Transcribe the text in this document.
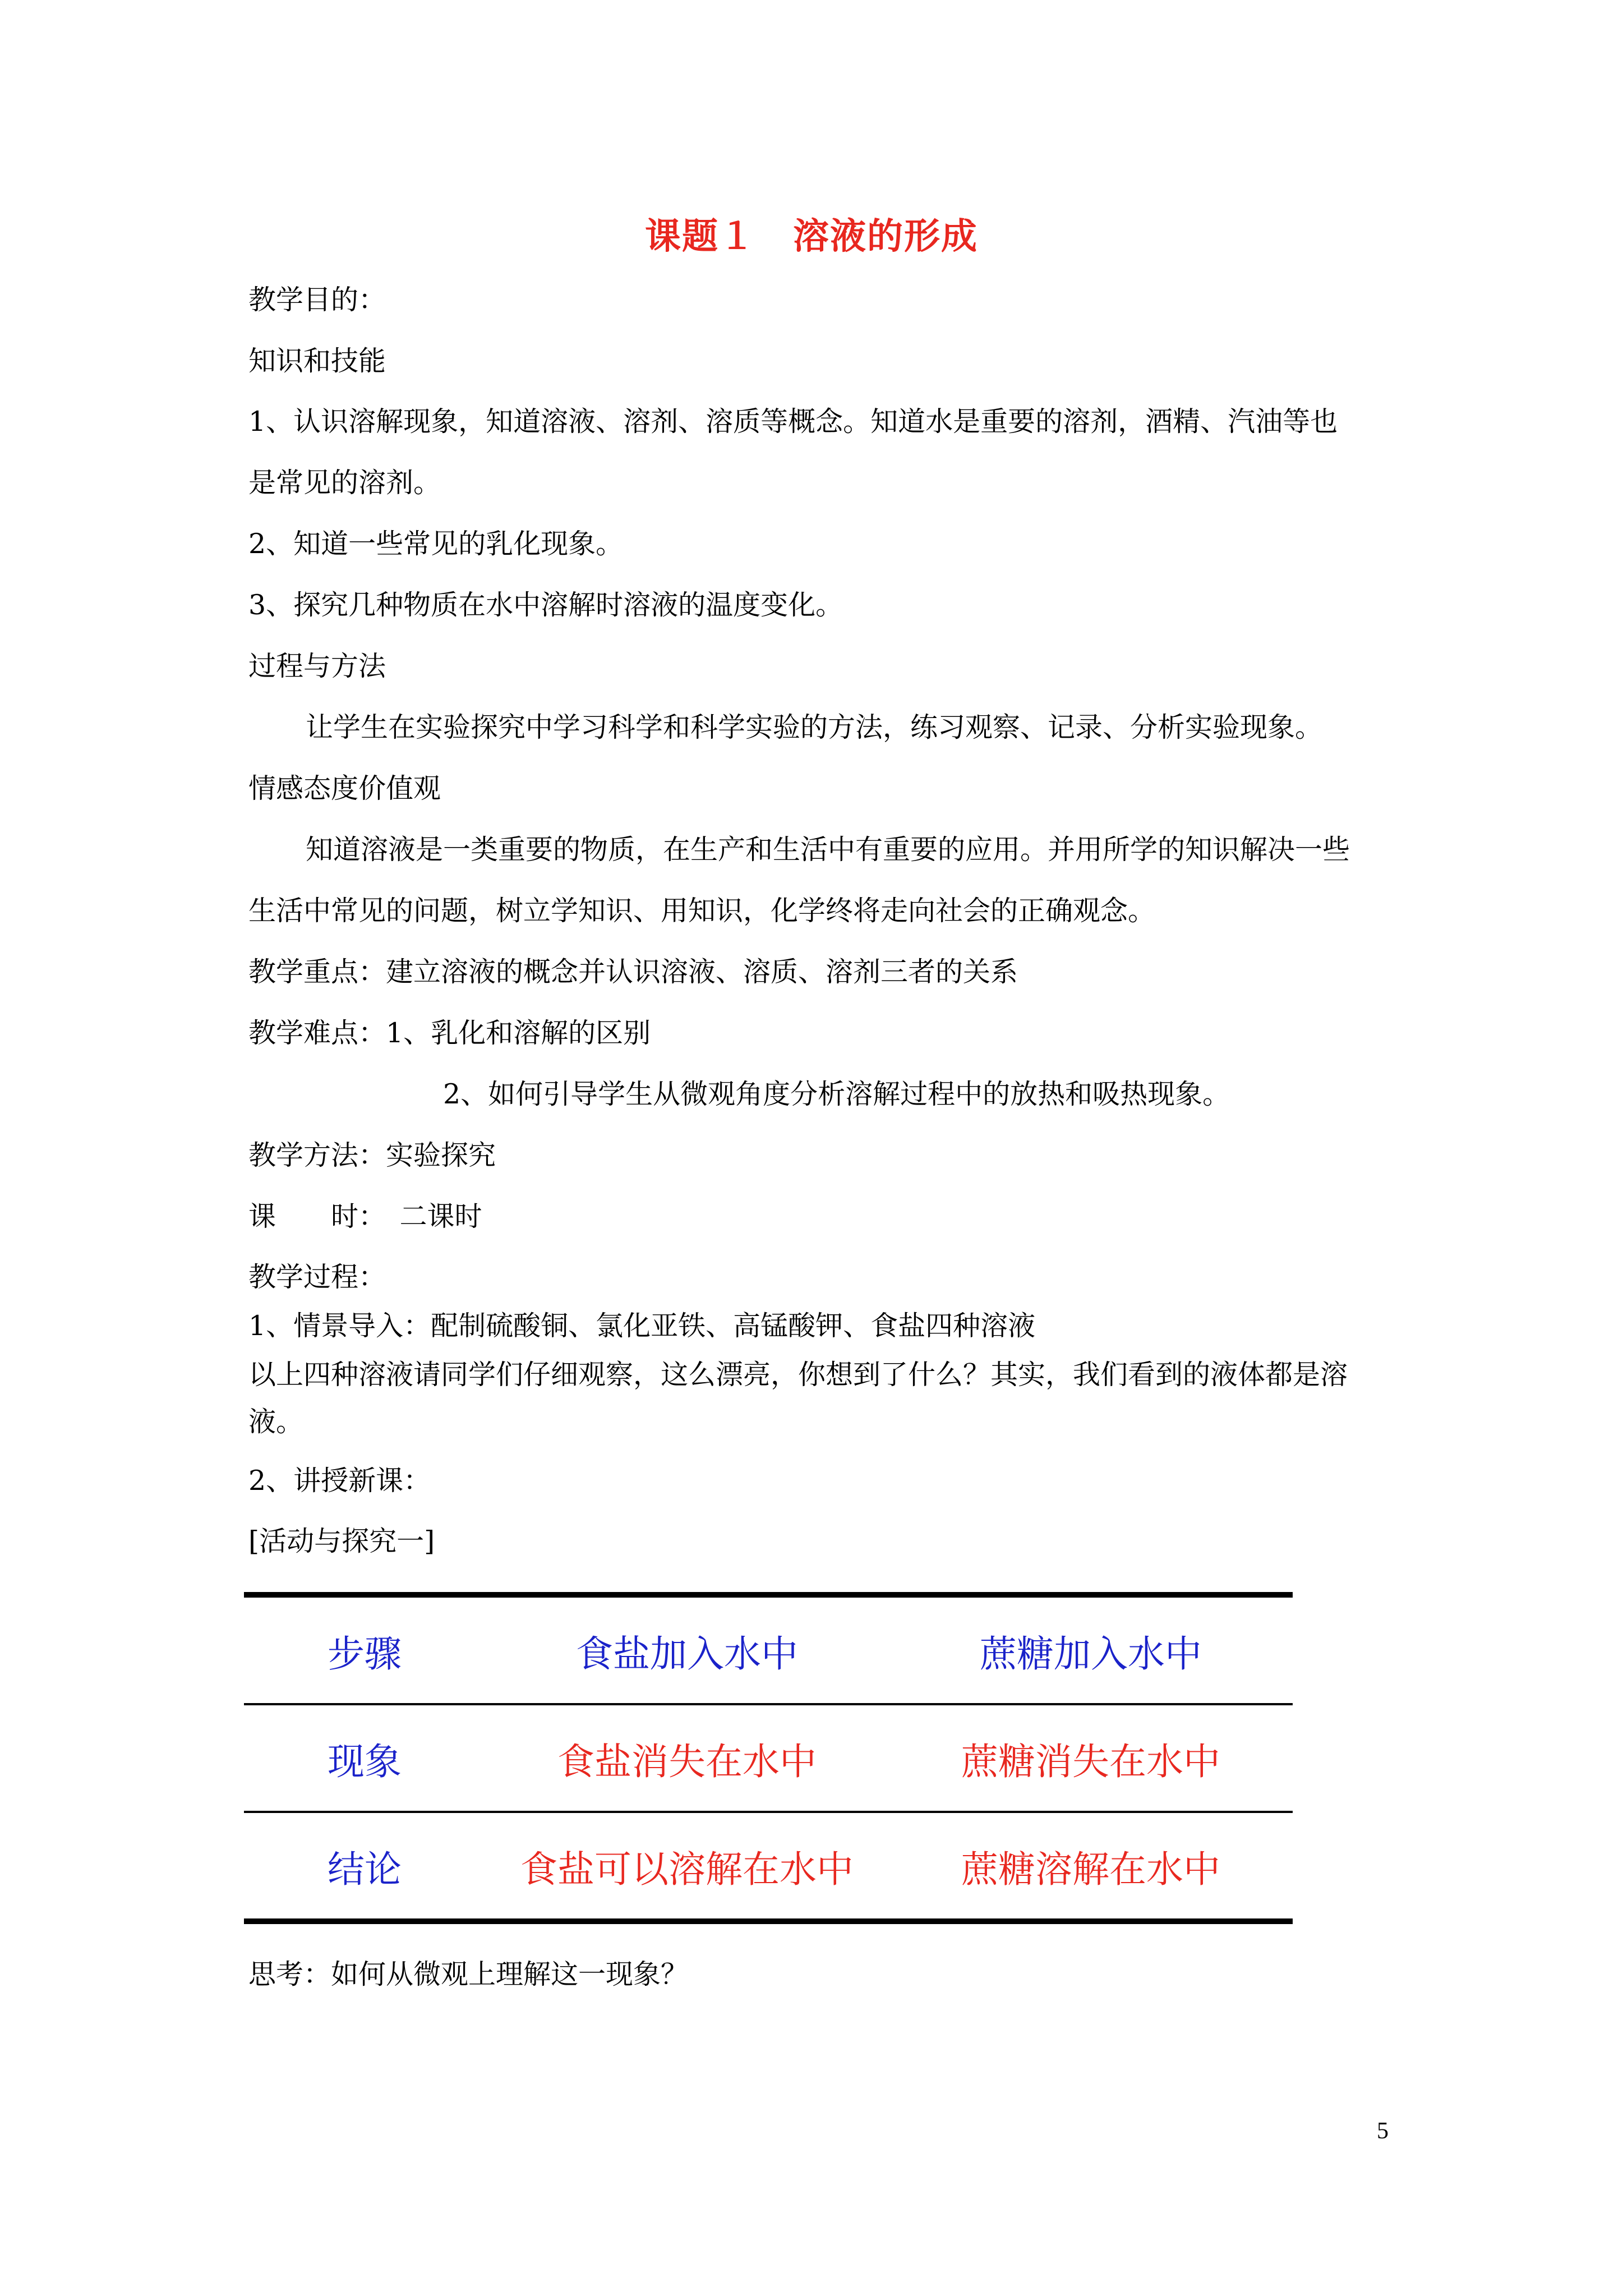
课题１　溶液的形成
教学目的：
知识和技能
1、认识溶解现象，知道溶液、溶剂、溶质等概念。知道水是重要的溶剂，酒精、汽油等也
是常见的溶剂。
2、知道一些常见的乳化现象。
3、探究几种物质在水中溶解时溶液的温度变化。
过程与方法
让学生在实验探究中学习科学和科学实验的方法，练习观察、记录、分析实验现象。
情感态度价值观
知道溶液是一类重要的物质，在生产和生活中有重要的应用。并用所学的知识解决一些
生活中常见的问题，树立学知识、用知识，化学终将走向社会的正确观念。
教学重点：建立溶液的概念并认识溶液、溶质、溶剂三者的关系
教学难点：1、乳化和溶解的区别
2、如何引导学生从微观角度分析溶解过程中的放热和吸热现象。
教学方法：实验探究
课　　时：　二课时
教学过程：
1、情景导入：配制硫酸铜、氯化亚铁、高锰酸钾、食盐四种溶液
以上四种溶液请同学们仔细观察，这么漂亮，你想到了什么？其实，我们看到的液体都是溶
液。
2、讲授新课：
[活动与探究一]
步骤	食盐加入水中	蔗糖加入水中
现象	食盐消失在水中	蔗糖消失在水中
结论	食盐可以溶解在水中	蔗糖溶解在水中
思考：如何从微观上理解这一现象？
5
